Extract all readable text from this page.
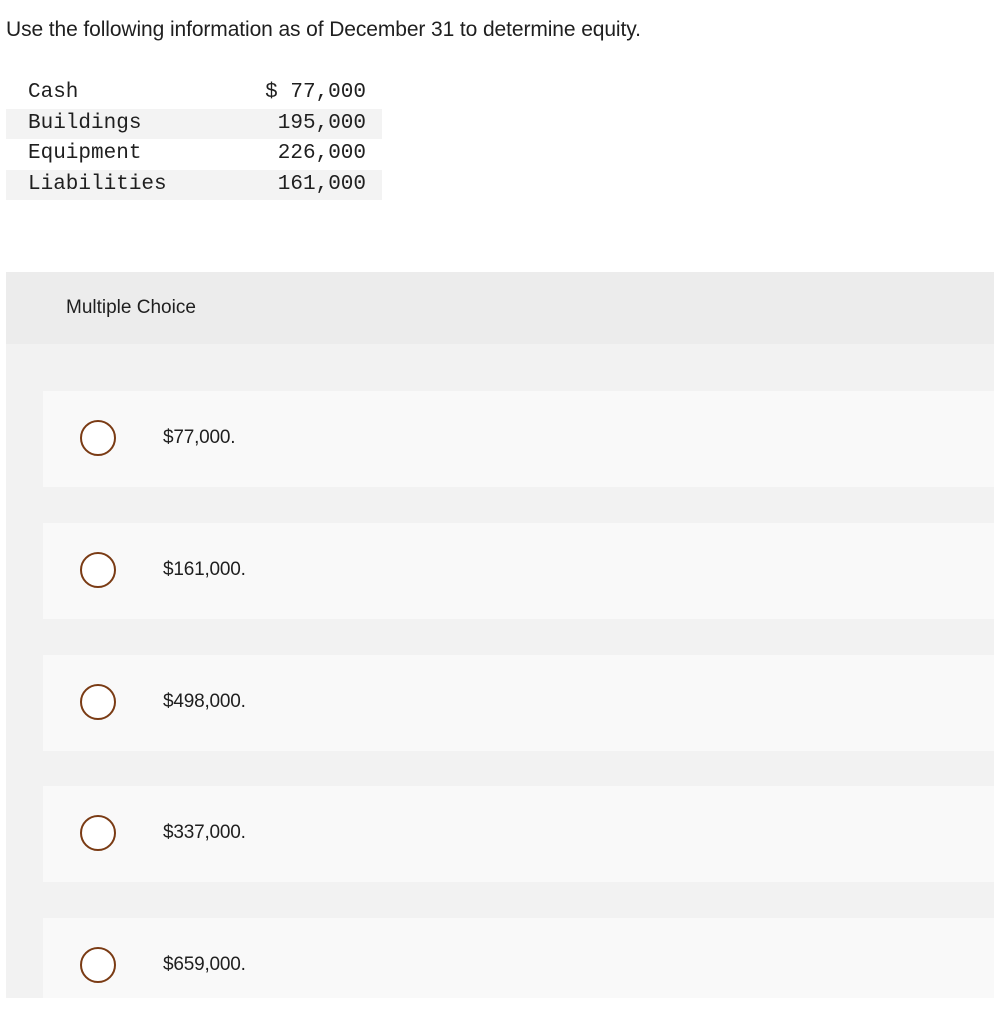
Use the following information as of December 31 to determine equity.
Cash	$ 77,000
Buildings	195,000
Equipment	226,000
Liabilities	161,000
Multiple Choice
$77,000.
$161,000.
$498,000.
$337,000.
$659,000.
